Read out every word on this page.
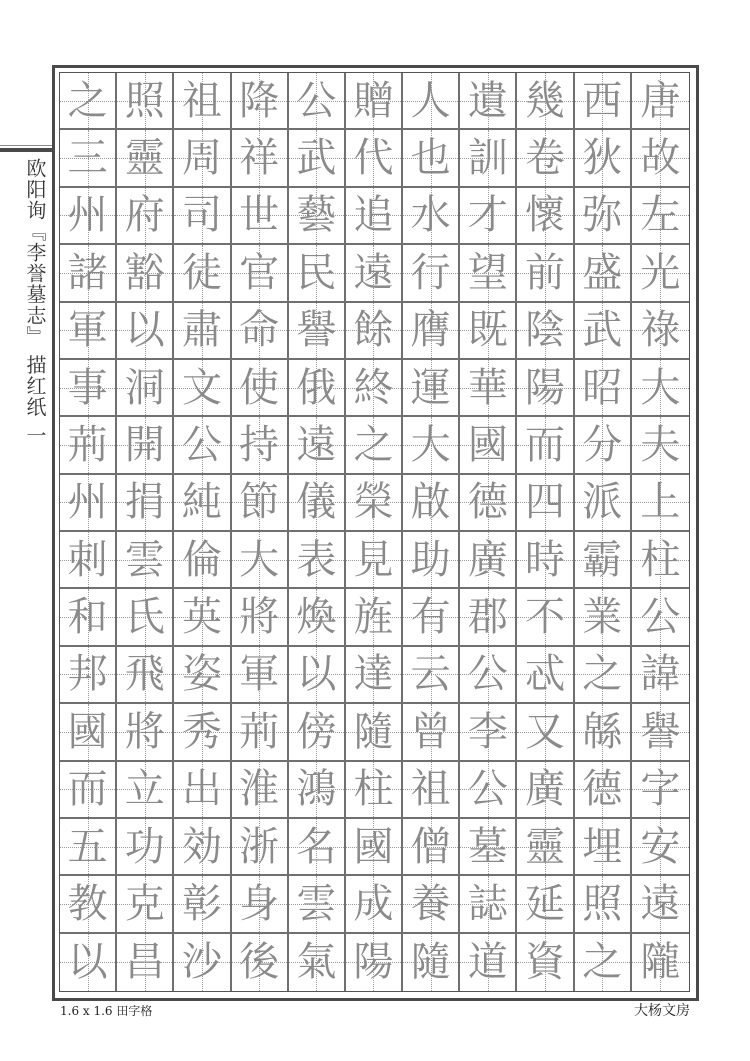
欧阳询『李誉墓志』 描红纸 一
之 照 祖 降 公 贈 人 遺 幾 西 唐
三 靈 周 祥 武 代 也 訓 卷 狄 故
州 府 司 世 藝 追 水 才 懷 弥 左
諸 豁 徒 官 民 遠 行 望 前 盛 光
軍 以 肅 命 譽 餘 膺 既 陰 武 祿
事 洞 文 使 俄 終 運 華 陽 昭 大
荊 開 公 持 遠 之 大 國 而 分 夫
州 捐 純 節 儀 榮 啟 德 四 派 上
刺 雲 倫 大 表 見 助 廣 時 霸 柱
和 氏 英 將 煥 旌 有 郡 不 業 公
邦 飛 姿 軍 以 達 云 公 忒 之 諱
國 將 秀 荊 傍 隨 曾 李 又 緜 譽
而 立 出 淮 鴻 柱 祖 公 廣 德 字
五 功 効 浙 名 國 僧 墓 靈 埋 安
教 克 彰 身 雲 成 養 誌 延 照 遠
以 昌 沙 後 氣 陽 隨 道 資 之 隴
1.6 x 1.6 田字格	大杨文房
